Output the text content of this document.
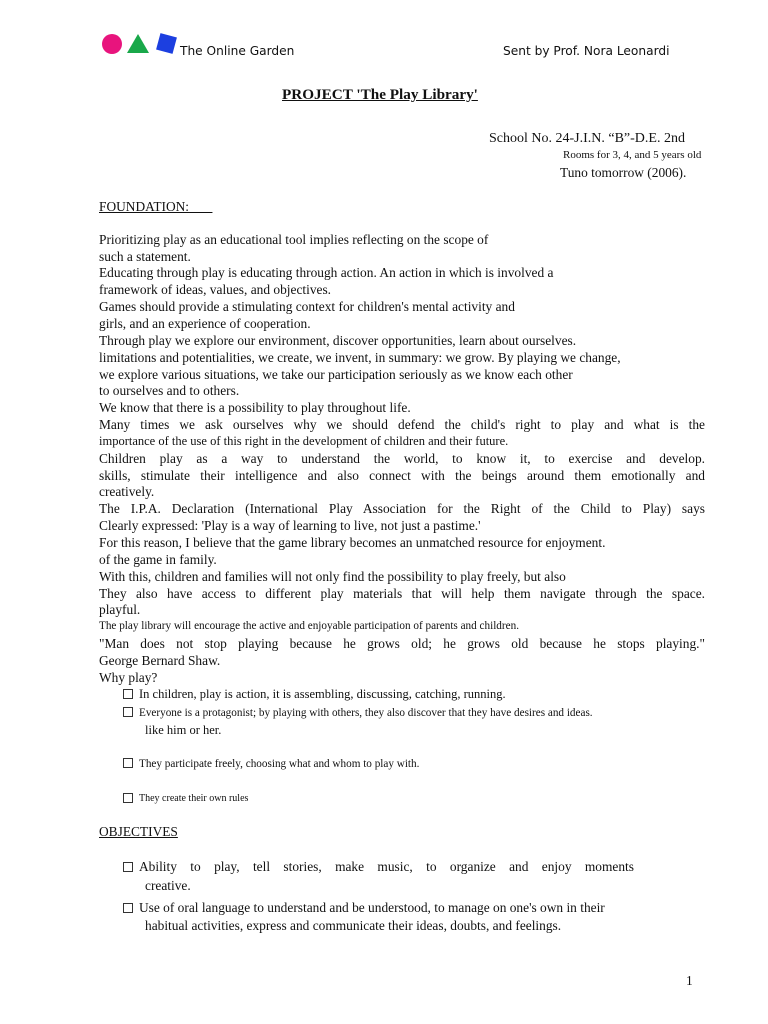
The Online Garden	Sent by Prof. Nora Leonardi
PROJECT 'The Play Library'
School No. 24-J.I.N. “B”-D.E. 2nd
Rooms for 3, 4, and 5 years old
Tuno tomorrow (2006).
FOUNDATION:
Prioritizing play as an educational tool implies reflecting on the scope of
such a statement.
Educating through play is educating through action. An action in which is involved a
framework of ideas, values, and objectives.
Games should provide a stimulating context for children's mental activity and
girls, and an experience of cooperation.
Through play we explore our environment, discover opportunities, learn about ourselves.
limitations and potentialities, we create, we invent, in summary: we grow. By playing we change,
we explore various situations, we take our participation seriously as we know each other
to ourselves and to others.
We know that there is a possibility to play throughout life.
Many times we ask ourselves why we should defend the child's right to play and what is the
importance of the use of this right in the development of children and their future.
Children play as a way to understand the world, to know it, to exercise and develop.
skills, stimulate their intelligence and also connect with the beings around them emotionally and
creatively.
The I.P.A. Declaration (International Play Association for the Right of the Child to Play) says
Clearly expressed: 'Play is a way of learning to live, not just a pastime.'
For this reason, I believe that the game library becomes an unmatched resource for enjoyment.
of the game in family.
With this, children and families will not only find the possibility to play freely, but also
They also have access to different play materials that will help them navigate through the space.
playful.
The play library will encourage the active and enjoyable participation of parents and children.
"Man does not stop playing because he grows old; he grows old because he stops playing."
George Bernard Shaw.
Why play?
In children, play is action, it is assembling, discussing, catching, running.
Everyone is a protagonist; by playing with others, they also discover that they have desires and ideas.
like him or her.
They participate freely, choosing what and whom to play with.
They create their own rules
OBJECTIVES
Ability to play, tell stories, make music, to organize and enjoy moments
creative.
Use of oral language to understand and be understood, to manage on one's own in their
habitual activities, express and communicate their ideas, doubts, and feelings.
1
